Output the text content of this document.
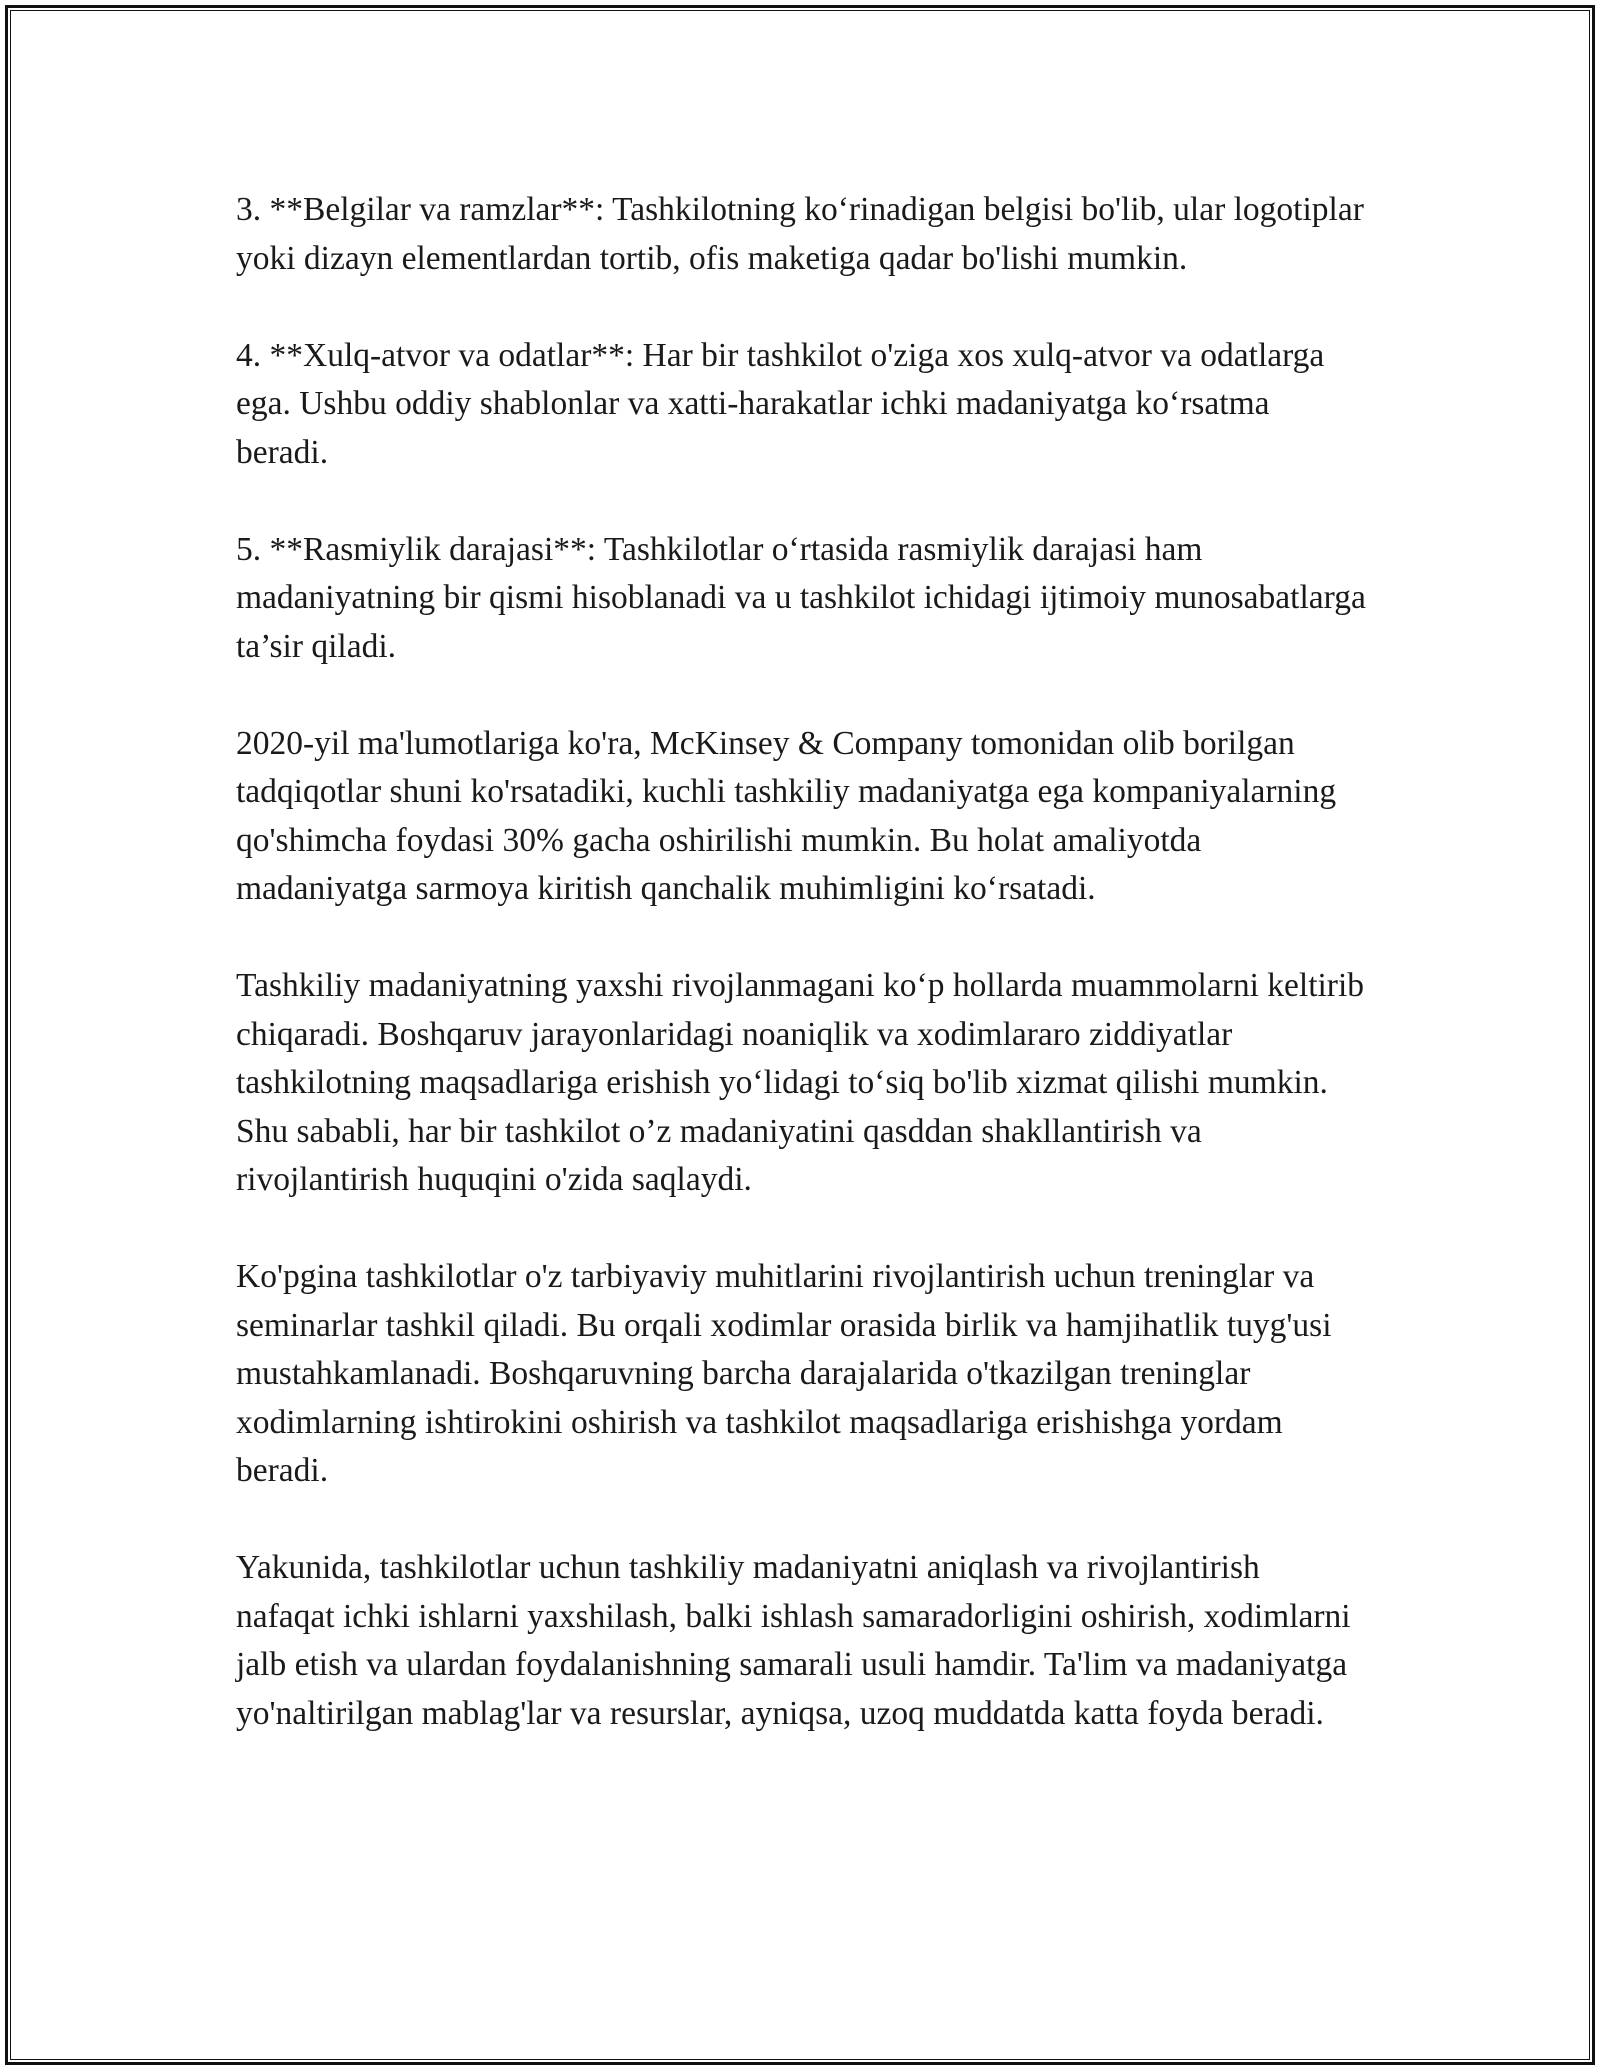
3. **Belgilar va ramzlar**: Tashkilotning ko‘rinadigan belgisi bo'lib, ular logotiplar yoki dizayn elementlardan tortib, ofis maketiga qadar bo'lishi mumkin.

4. **Xulq-atvor va odatlar**: Har bir tashkilot o'ziga xos xulq-atvor va odatlarga ega. Ushbu oddiy shablonlar va xatti-harakatlar ichki madaniyatga ko‘rsatma beradi.

5. **Rasmiylik darajasi**: Tashkilotlar o‘rtasida rasmiylik darajasi ham madaniyatning bir qismi hisoblanadi va u tashkilot ichidagi ijtimoiy munosabatlarga ta’sir qiladi.

2020-yil ma'lumotlariga ko'ra, McKinsey & Company tomonidan olib borilgan tadqiqotlar shuni ko'rsatadiki, kuchli tashkiliy madaniyatga ega kompaniyalarning qo'shimcha foydasi 30% gacha oshirilishi mumkin. Bu holat amaliyotda madaniyatga sarmoya kiritish qanchalik muhimligini ko‘rsatadi.

Tashkiliy madaniyatning yaxshi rivojlanmagani ko‘p hollarda muammolarni keltirib chiqaradi. Boshqaruv jarayonlaridagi noaniqlik va xodimlararo ziddiyatlar tashkilotning maqsadlariga erishish yo‘lidagi to‘siq bo'lib xizmat qilishi mumkin. Shu sababli, har bir tashkilot o’z madaniyatini qasddan shakllantirish va rivojlantirish huquqini o'zida saqlaydi.

Ko'pgina tashkilotlar o'z tarbiyaviy muhitlarini rivojlantirish uchun treninglar va seminarlar tashkil qiladi. Bu orqali xodimlar orasida birlik va hamjihatlik tuyg'usi mustahkamlanadi. Boshqaruvning barcha darajalarida o'tkazilgan treninglar xodimlarning ishtirokini oshirish va tashkilot maqsadlariga erishishga yordam beradi.

Yakunida, tashkilotlar uchun tashkiliy madaniyatni aniqlash va rivojlantirish nafaqat ichki ishlarni yaxshilash, balki ishlash samaradorligini oshirish, xodimlarni jalb etish va ulardan foydalanishning samarali usuli hamdir. Ta'lim va madaniyatga yo'naltirilgan mablag'lar va resurslar, ayniqsa, uzoq muddatda katta foyda beradi.
